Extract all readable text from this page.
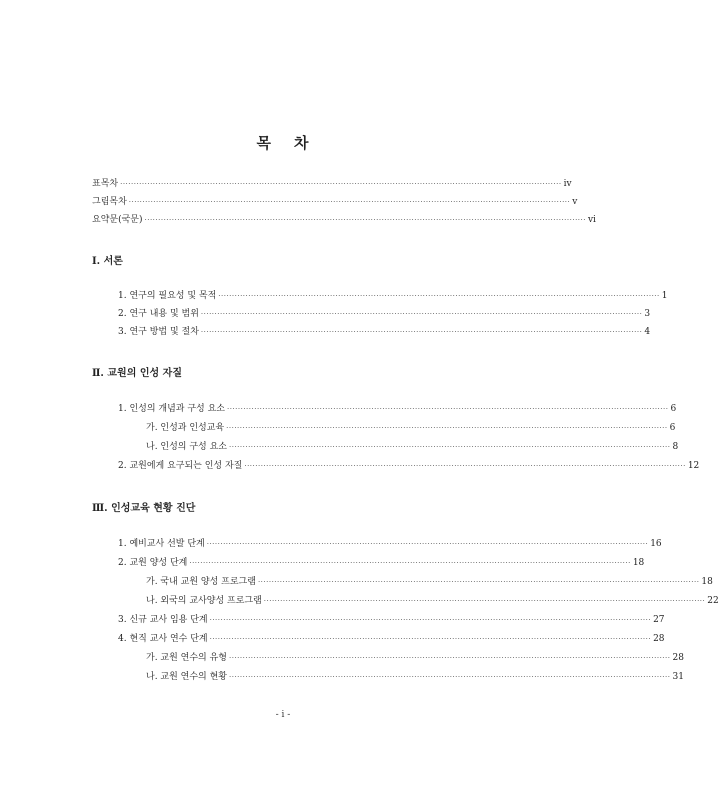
목 차
표목차 ·································································································································································· iv
그림목차 ·································································································································································· v
요약문(국문) ·································································································································································· vi
Ⅰ. 서론
1. 연구의 필요성 및 목적 ·································································································································································· 1
2. 연구 내용 및 범위 ·································································································································································· 3
3. 연구 방법 및 절차 ·································································································································································· 4
Ⅱ. 교원의 인성 자질
1. 인성의 개념과 구성 요소 ·································································································································································· 6
가. 인성과 인성교육 ·································································································································································· 6
나. 인성의 구성 요소 ·································································································································································· 8
2. 교원에게 요구되는 인성 자질 ·································································································································································· 12
Ⅲ. 인성교육 현황 진단
1. 예비교사 선발 단계 ·································································································································································· 16
2. 교원 양성 단계 ·································································································································································· 18
가. 국내 교원 양성 프로그램 ·································································································································································· 18
나. 외국의 교사양성 프로그램 ·································································································································································· 22
3. 신규 교사 임용 단계 ·································································································································································· 27
4. 현직 교사 연수 단계 ·································································································································································· 28
가. 교원 연수의 유형 ·································································································································································· 28
나. 교원 연수의 현황 ·································································································································································· 31
- i -
